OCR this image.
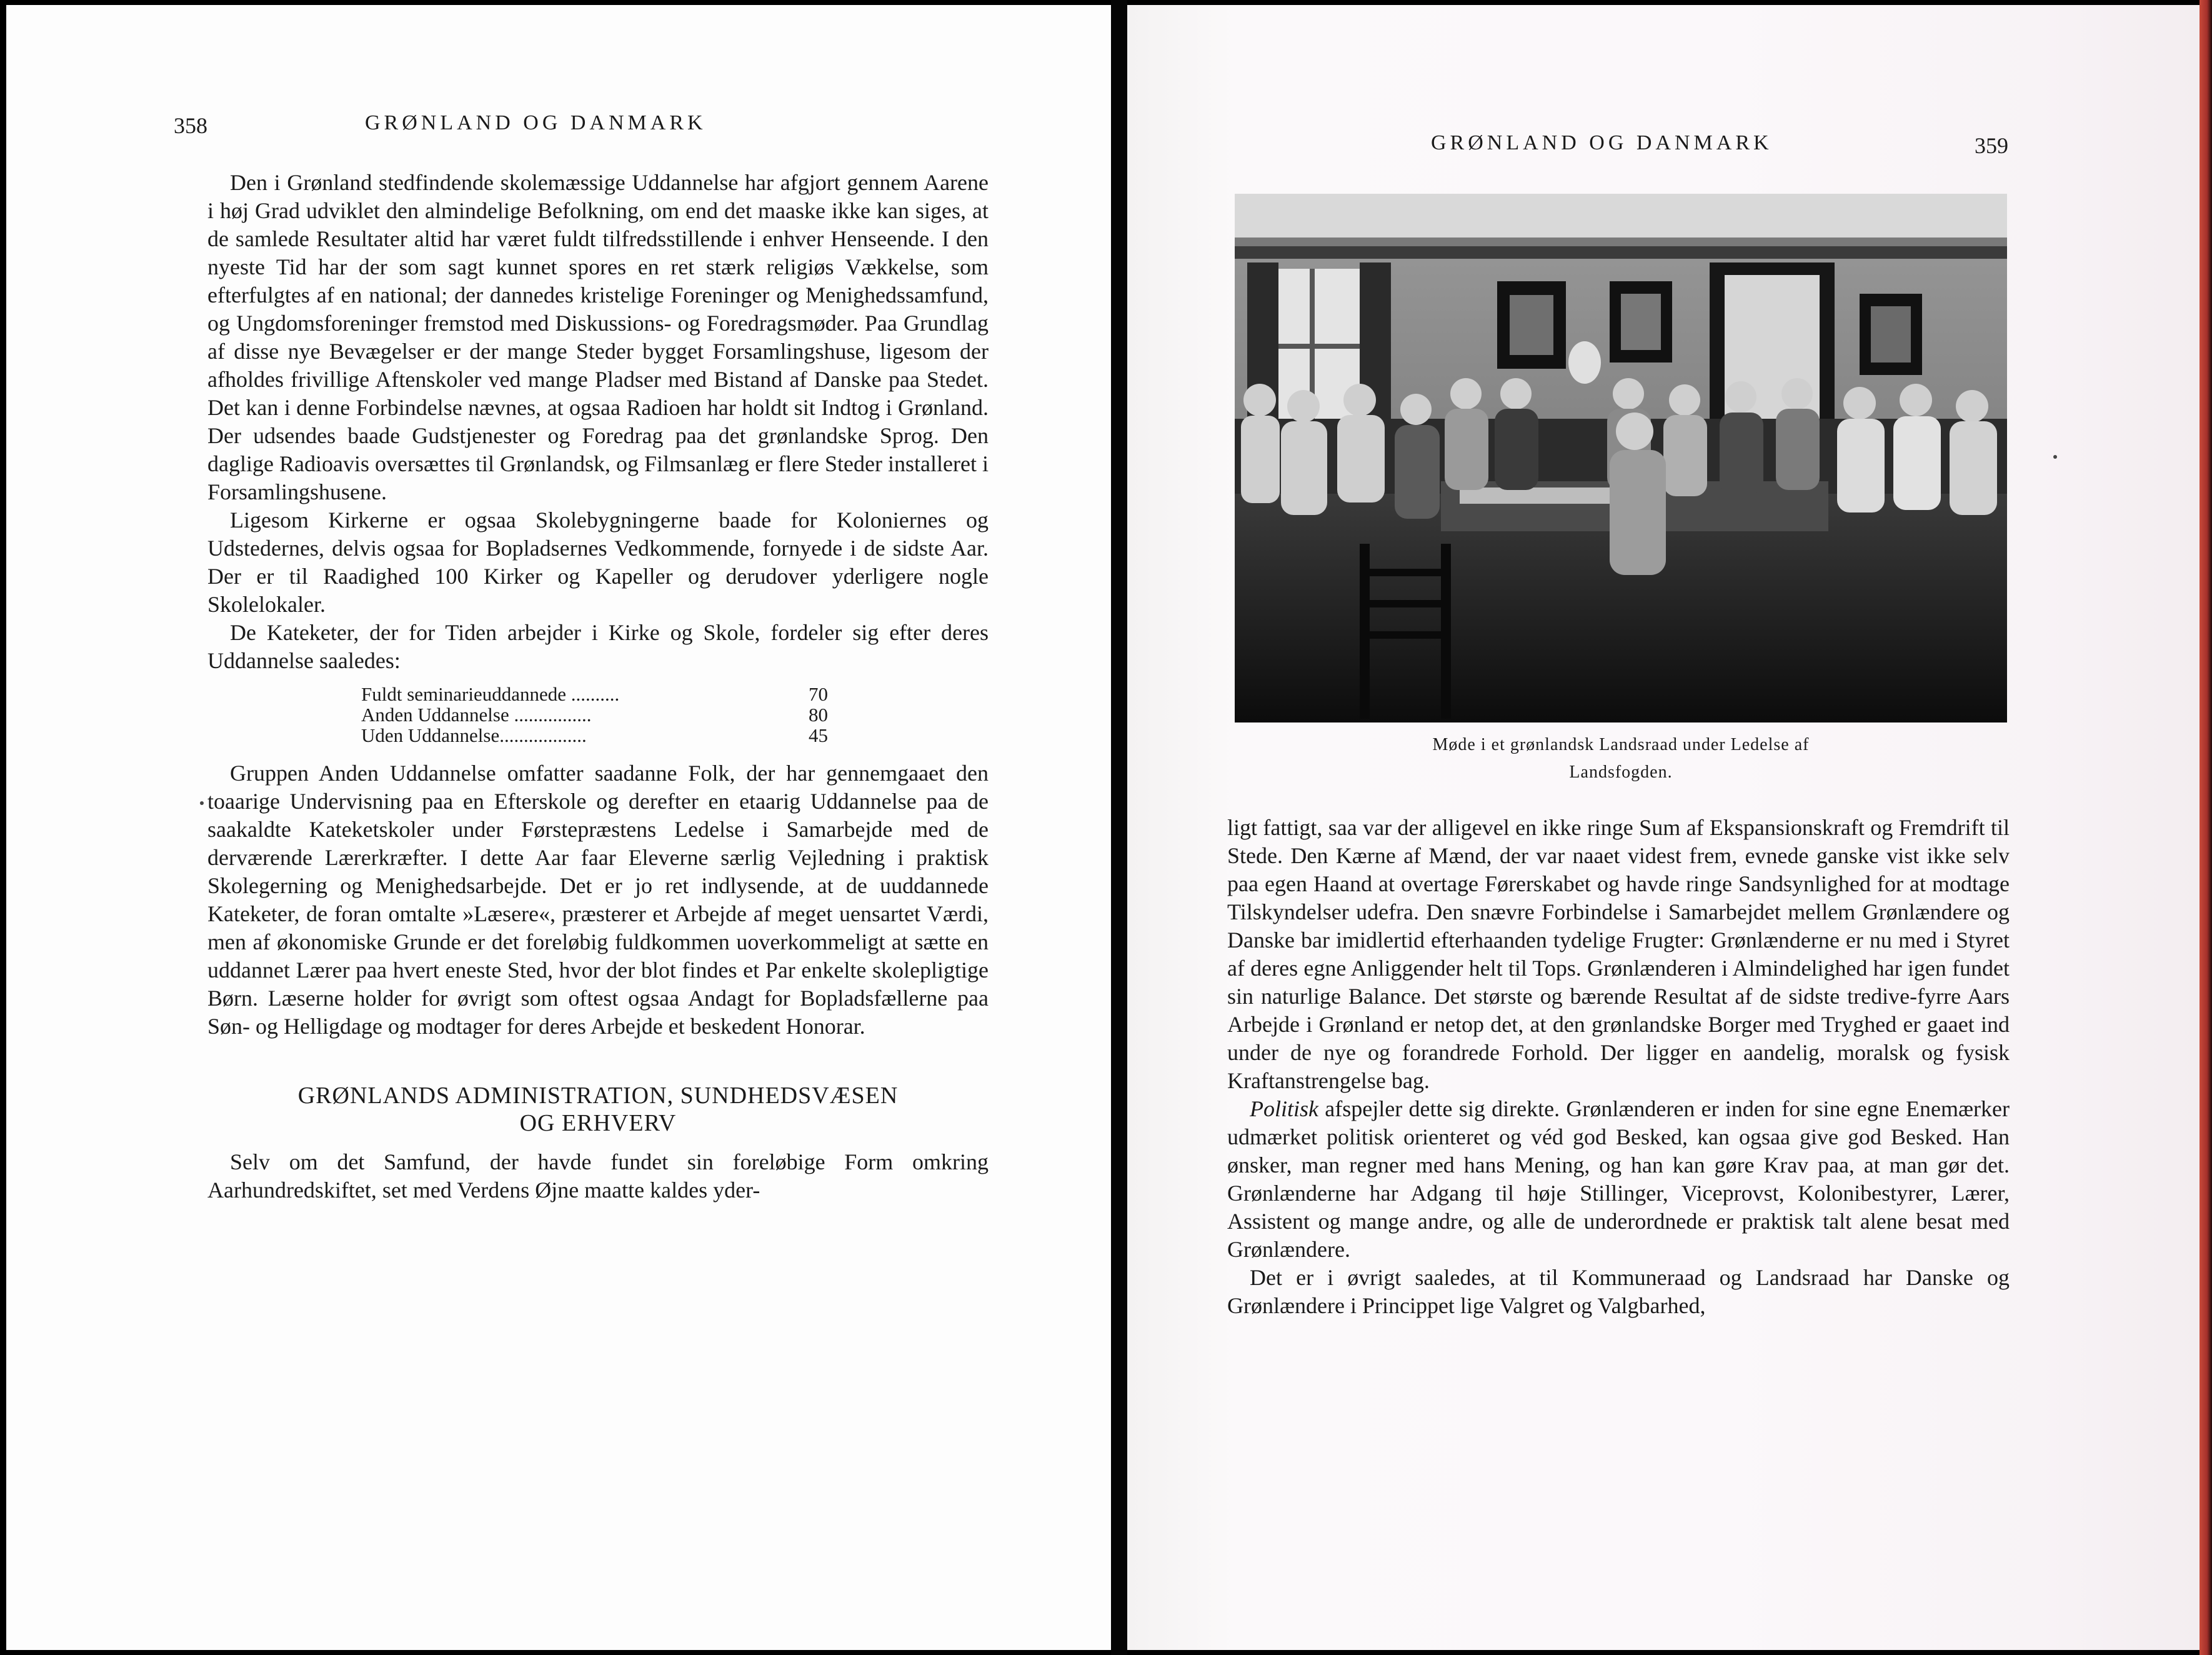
358	GRØNLAND OG DANMARK

Den i Grønland stedfindende skolemæssige Uddannelse har afgjort gennem Aarene i høj Grad udviklet den almindelige Befolkning, om end det maaske ikke kan siges, at de samlede Resultater altid har været fuldt tilfredsstillende i enhver Henseende. I den nyeste Tid har der som sagt kunnet spores en ret stærk religiøs Vækkelse, som efterfulgtes af en national; der dannedes kristelige Foreninger og Menighedssamfund, og Ungdomsforeninger fremstod med Diskussions- og Foredragsmøder. Paa Grundlag af disse nye Bevægelser er der mange Steder bygget Forsamlingshuse, ligesom der afholdes frivillige Aftenskoler ved mange Pladser med Bistand af Danske paa Stedet. Det kan i denne Forbindelse nævnes, at ogsaa Radioen har holdt sit Indtog i Grønland. Der udsendes baade Gudstjenester og Foredrag paa det grønlandske Sprog. Den daglige Radioavis oversættes til Grønlandsk, og Filmsanlæg er flere Steder installeret i Forsamlingshusene.

Ligesom Kirkerne er ogsaa Skolebygningerne baade for Koloniernes og Udstedernes, delvis ogsaa for Bopladsernes Vedkommende, fornyede i de sidste Aar. Der er til Raadighed 100 Kirker og Kapeller og derudover yderligere nogle Skolelokaler.

De Kateketer, der for Tiden arbejder i Kirke og Skole, fordeler sig efter deres Uddannelse saaledes:

Fuldt seminarieuddannede ..........	70
Anden Uddannelse ................	80
Uden Uddannelse..................	45

Gruppen Anden Uddannelse omfatter saadanne Folk, der har gennemgaaet den toaarige Undervisning paa en Efterskole og derefter en etaarig Uddannelse paa de saakaldte Kateketskoler under Førstepræstens Ledelse i Samarbejde med de derværende Lærerkræfter. I dette Aar faar Eleverne særlig Vejledning i praktisk Skolegerning og Menighedsarbejde. Det er jo ret indlysende, at de uuddannede Kateketer, de foran omtalte »Læsere«, præsterer et Arbejde af meget uensartet Værdi, men af økonomiske Grunde er det foreløbig fuldkommen uoverkommeligt at sætte en uddannet Lærer paa hvert eneste Sted, hvor der blot findes et Par enkelte skolepligtige Børn. Læserne holder for øvrigt som oftest ogsaa Andagt for Bopladsfællerne paa Søn- og Helligdage og modtager for deres Arbejde et beskedent Honorar.

GRØNLANDS ADMINISTRATION, SUNDHEDSVÆSEN
OG ERHVERV

Selv om det Samfund, der havde fundet sin foreløbige Form omkring Aarhundredskiftet, set med Verdens Øjne maatte kaldes yder-

GRØNLAND OG DANMARK	359
Møde i et grønlandsk Landsraad under Ledelse af
Landsfogden.

ligt fattigt, saa var der alligevel en ikke ringe Sum af Ekspansionskraft og Fremdrift til Stede. Den Kærne af Mænd, der var naaet videst frem, evnede ganske vist ikke selv paa egen Haand at overtage Førerskabet og havde ringe Sandsynlighed for at modtage Tilskyndelser udefra. Den snævre Forbindelse i Samarbejdet mellem Grønlændere og Danske bar imidlertid efterhaanden tydelige Frugter: Grønlænderne er nu med i Styret af deres egne Anliggender helt til Tops. Grønlænderen i Almindelighed har igen fundet sin naturlige Balance. Det største og bærende Resultat af de sidste tredive-fyrre Aars Arbejde i Grønland er netop det, at den grønlandske Borger med Tryghed er gaaet ind under de nye og forandrede Forhold. Der ligger en aandelig, moralsk og fysisk Kraftanstrengelse bag.

Politisk afspejler dette sig direkte. Grønlænderen er inden for sine egne Enemærker udmærket politisk orienteret og véd god Besked, kan ogsaa give god Besked. Han ønsker, man regner med hans Mening, og han kan gøre Krav paa, at man gør det. Grønlænderne har Adgang til høje Stillinger, Viceprovst, Kolonibestyrer, Lærer, Assistent og mange andre, og alle de underordnede er praktisk talt alene besat med Grønlændere.

Det er i øvrigt saaledes, at til Kommuneraad og Landsraad har Danske og Grønlændere i Princippet lige Valgret og Valgbarhed,
